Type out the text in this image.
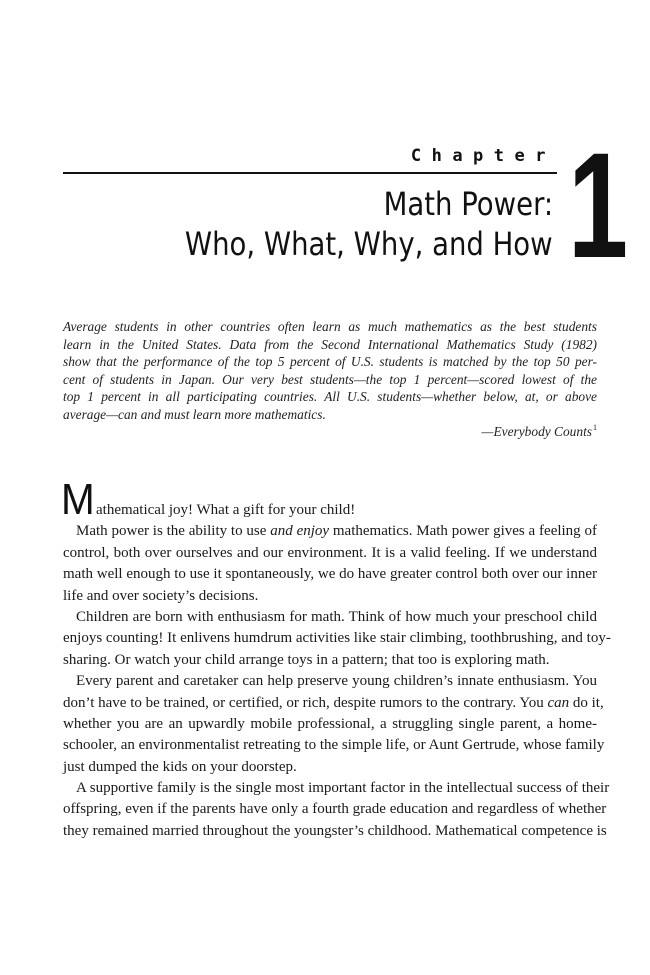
Chapter 1
Math Power:
Who, What, Why, and How
Average students in other countries often learn as much mathematics as the best students
learn in the United States. Data from the Second International Mathematics Study (1982)
show that the performance of the top 5 percent of U.S. students is matched by the top 50 per-
cent of students in Japan. Our very best students—the top 1 percent—scored lowest of the
top 1 percent in all participating countries. All U.S. students—whether below, at, or above
average—can and must learn more mathematics.
—Everybody Counts$^1$
M athematical joy! What a gift for your child!
Math power is the ability to use and enjoy mathematics. Math power gives a feeling of
control, both over ourselves and our environment. It is a valid feeling. If we understand
math well enough to use it spontaneously, we do have greater control both over our inner
life and over society’s decisions.
Children are born with enthusiasm for math. Think of how much your preschool child
enjoys counting! It enlivens humdrum activities like stair climbing, toothbrushing, and toy-
sharing. Or watch your child arrange toys in a pattern; that too is exploring math.
Every parent and caretaker can help preserve young children’s innate enthusiasm. You
don’t have to be trained, or certified, or rich, despite rumors to the contrary. You can do it,
whether you are an upwardly mobile professional, a struggling single parent, a home-
schooler, an environmentalist retreating to the simple life, or Aunt Gertrude, whose family
just dumped the kids on your doorstep.
A supportive family is the single most important factor in the intellectual success of their
offspring, even if the parents have only a fourth grade education and regardless of whether
they remained married throughout the youngster’s childhood. Mathematical competence is
